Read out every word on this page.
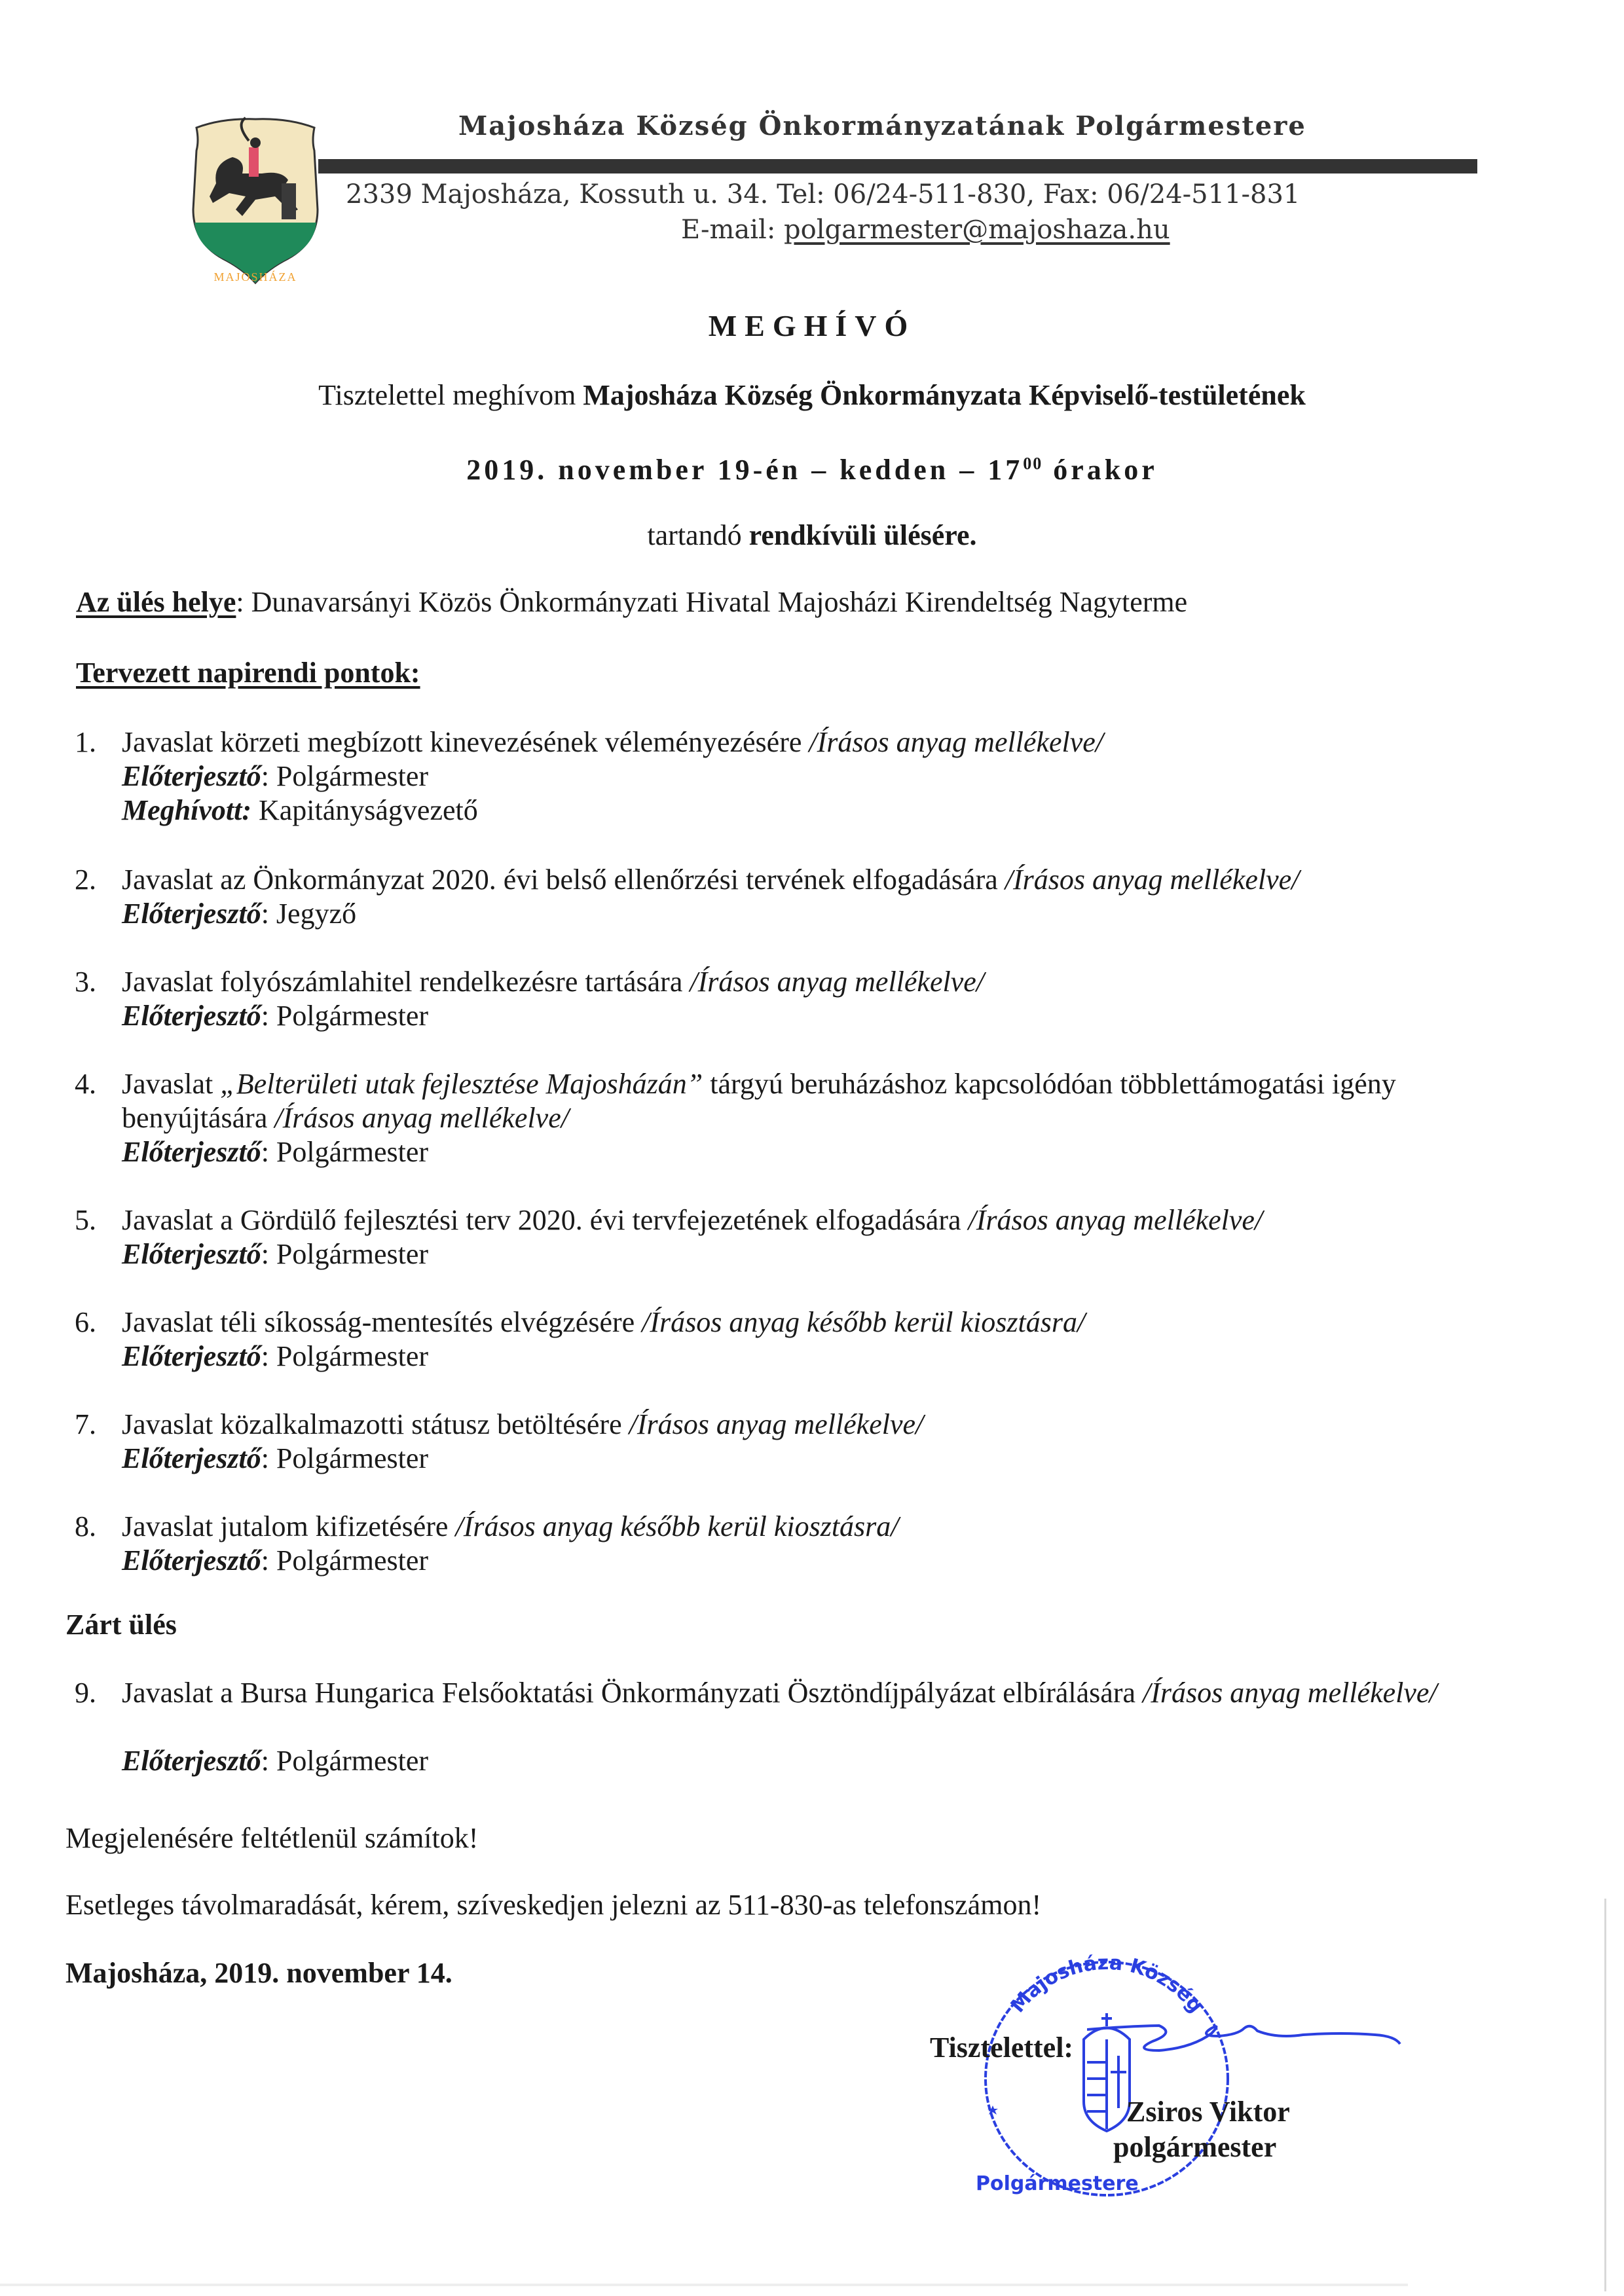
MAJOSHÁZA
Majosháza Község Önkormányzatának Polgármestere
2339 Majosháza, Kossuth u. 34. Tel: 06/24-511-830, Fax: 06/24-511-831
E-mail: polgarmester@majoshaza.hu
MEGHÍVÓ
Tisztelettel meghívom Majosháza Község Önkormányzata Képviselő-testületének
2019. november 19-én – kedden – $17^{00}$ órakor
tartandó rendkívüli ülésére.
Az ülés helye: Dunavarsányi Közös Önkormányzati Hivatal Majosházi Kirendeltség Nagyterme
Tervezett napirendi pontok:
1. Javaslat körzeti megbízott kinevezésének véleményezésére /Írásos anyag mellékelve/
Előterjesztő: Polgármester
Meghívott: Kapitányságvezető
2. Javaslat az Önkormányzat 2020. évi belső ellenőrzési tervének elfogadására /Írásos anyag mellékelve/
Előterjesztő: Jegyző
3. Javaslat folyószámlahitel rendelkezésre tartására /Írásos anyag mellékelve/
Előterjesztő: Polgármester
4. Javaslat „Belterületi utak fejlesztése Majosházán” tárgyú beruházáshoz kapcsolódóan többlettámogatási igény benyújtására /Írásos anyag mellékelve/
Előterjesztő: Polgármester
5. Javaslat a Gördülő fejlesztési terv 2020. évi tervfejezetének elfogadására /Írásos anyag mellékelve/
Előterjesztő: Polgármester
6. Javaslat téli síkosság-mentesítés elvégzésére /Írásos anyag később kerül kiosztásra/
Előterjesztő: Polgármester
7. Javaslat közalkalmazotti státusz betöltésére /Írásos anyag mellékelve/
Előterjesztő: Polgármester
8. Javaslat jutalom kifizetésére /Írásos anyag később kerül kiosztásra/
Előterjesztő: Polgármester
Zárt ülés
9. Javaslat a Bursa Hungarica Felsőoktatási Önkormányzati Ösztöndíjpályázat elbírálására /Írásos anyag mellékelve/
Előterjesztő: Polgármester
Megjelenésére feltétlenül számítok!
Esetleges távolmaradását, kérem, szíveskedjen jelezni az 511-830-as telefonszámon!
Majosháza, 2019. november 14.
Majosháza Község
Polgármestere
Tisztelettel:
Zsiros Viktor
polgármester
